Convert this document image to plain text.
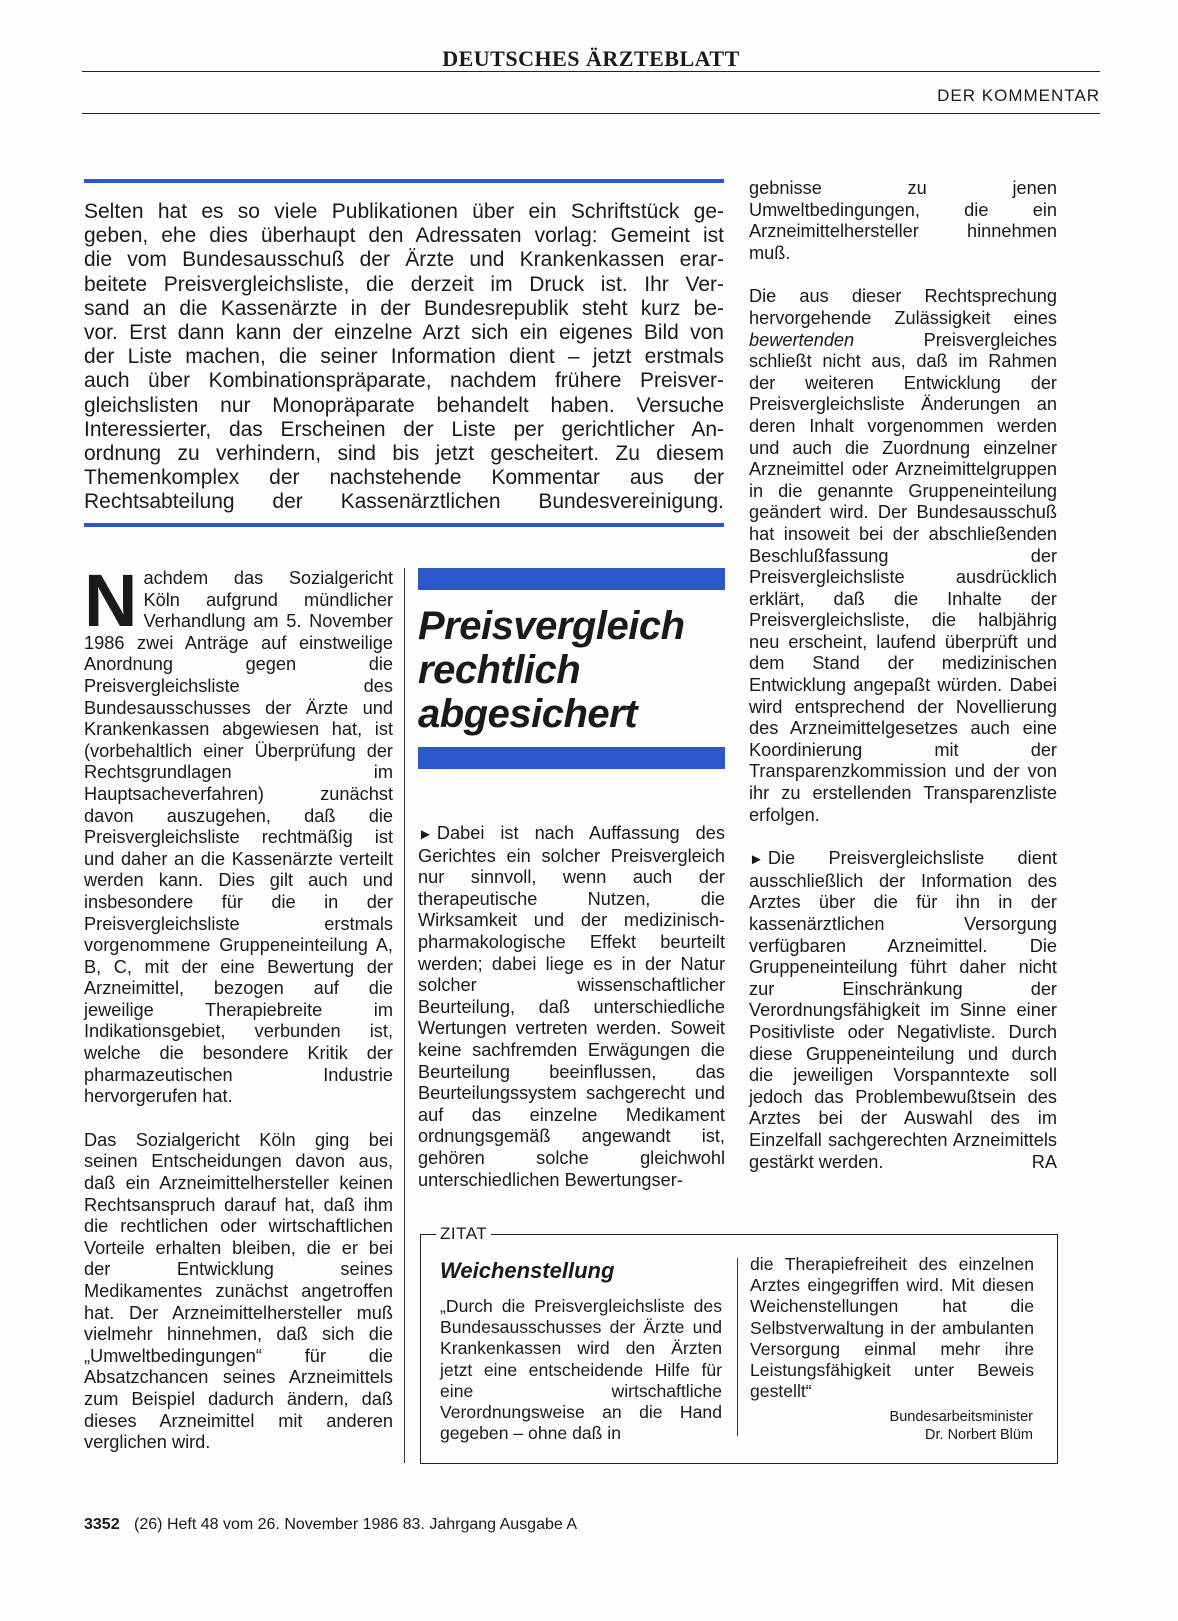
DEUTSCHES ÄRZTEBLATT
DER KOMMENTAR
Selten hat es so viele Publikationen über ein Schriftstück ge-
geben, ehe dies überhaupt den Adressaten vorlag: Gemeint ist
die vom Bundesausschuß der Ärzte und Krankenkassen erar-
beitete Preisvergleichsliste, die derzeit im Druck ist. Ihr Ver-
sand an die Kassenärzte in der Bundesrepublik steht kurz be-
vor. Erst dann kann der einzelne Arzt sich ein eigenes Bild von
der Liste machen, die seiner Information dient – jetzt erstmals
auch über Kombinationspräparate, nachdem frühere Preisver-
gleichslisten nur Monopräparate behandelt haben. Versuche
Interessierter, das Erscheinen der Liste per gerichtlicher An-
ordnung zu verhindern, sind bis jetzt gescheitert. Zu diesem
Themenkomplex der nachstehende Kommentar aus der
Rechtsabteilung der Kassenärztlichen Bundesvereinigung.

Nachdem das Sozialgericht Köln aufgrund mündlicher Verhandlung am 5. November 1986 zwei Anträge auf einstweilige Anordnung gegen die Preisvergleichsliste des Bundesausschusses der Ärzte und Krankenkassen abgewiesen hat, ist (vorbehaltlich einer Überprüfung der Rechtsgrundlagen im Hauptsacheverfahren) zunächst davon auszugehen, daß die Preisvergleichsliste rechtmäßig ist und daher an die Kassenärzte verteilt werden kann. Dies gilt auch und insbesondere für die in der Preisvergleichsliste erstmals vorgenommene Gruppeneinteilung A, B, C, mit der eine Bewertung der Arzneimittel, bezogen auf die jeweilige Therapiebreite im Indikationsgebiet, verbunden ist, welche die besondere Kritik der pharmazeutischen Industrie hervorgerufen hat.

Das Sozialgericht Köln ging bei seinen Entscheidungen davon aus, daß ein Arzneimittelhersteller keinen Rechtsanspruch darauf hat, daß ihm die rechtlichen oder wirtschaftlichen Vorteile erhalten bleiben, die er bei der Entwicklung seines Medikamentes zunächst angetroffen hat. Der Arzneimittelhersteller muß vielmehr hinnehmen, daß sich die „Umweltbedingungen“ für die Absatzchancen seines Arzneimittels zum Beispiel dadurch ändern, daß dieses Arzneimittel mit anderen verglichen wird.

Preisvergleich
rechtlich
abgesichert

► Dabei ist nach Auffassung des Gerichtes ein solcher Preisvergleich nur sinnvoll, wenn auch der therapeutische Nutzen, die Wirksamkeit und der medizinisch-pharmakologische Effekt beurteilt werden; dabei liege es in der Natur solcher wissenschaftlicher Beurteilung, daß unterschiedliche Wertungen vertreten werden. Soweit keine sachfremden Erwägungen die Beurteilung beeinflussen, das Beurteilungssystem sachgerecht und auf das einzelne Medikament ordnungsgemäß angewandt ist, gehören solche gleichwohl unterschiedlichen Bewertungser-

gebnisse zu jenen Umweltbedingungen, die ein Arzneimittelhersteller hinnehmen muß.

Die aus dieser Rechtsprechung hervorgehende Zulässigkeit eines bewertenden Preisvergleiches schließt nicht aus, daß im Rahmen der weiteren Entwicklung der Preisvergleichsliste Änderungen an deren Inhalt vorgenommen werden und auch die Zuordnung einzelner Arzneimittel oder Arzneimittelgruppen in die genannte Gruppeneinteilung geändert wird. Der Bundesausschuß hat insoweit bei der abschließenden Beschlußfassung der Preisvergleichsliste ausdrücklich erklärt, daß die Inhalte der Preisvergleichsliste, die halbjährig neu erscheint, laufend überprüft und dem Stand der medizinischen Entwicklung angepaßt würden. Dabei wird entsprechend der Novellierung des Arzneimittelgesetzes auch eine Koordinierung mit der Transparenzkommission und der von ihr zu erstellenden Transparenzliste erfolgen.

► Die Preisvergleichsliste dient ausschließlich der Information des Arztes über die für ihn in der kassenärztlichen Versorgung verfügbaren Arzneimittel. Die Gruppeneinteilung führt daher nicht zur Einschränkung der Verordnungsfähigkeit im Sinne einer Positivliste oder Negativliste. Durch diese Gruppeneinteilung und durch die jeweiligen Vorspanntexte soll jedoch das Problembewußtsein des Arztes bei der Auswahl des im Einzelfall sachgerechten Arzneimittels gestärkt werden.	RA
ZITAT
Weichenstellung
„Durch die Preisvergleichsliste des Bundesausschusses der Ärzte und Krankenkassen wird den Ärzten jetzt eine entscheidende Hilfe für eine wirtschaftliche Verordnungsweise an die Hand gegeben – ohne daß in
die Therapiefreiheit des einzelnen Arztes eingegriffen wird. Mit diesen Weichenstellungen hat die Selbstverwaltung in der ambulanten Versorgung einmal mehr ihre Leistungsfähigkeit unter Beweis gestellt“
Bundesarbeitsminister
Dr. Norbert Blüm
3352 (26) Heft 48 vom 26. November 1986 83. Jahrgang Ausgabe A
